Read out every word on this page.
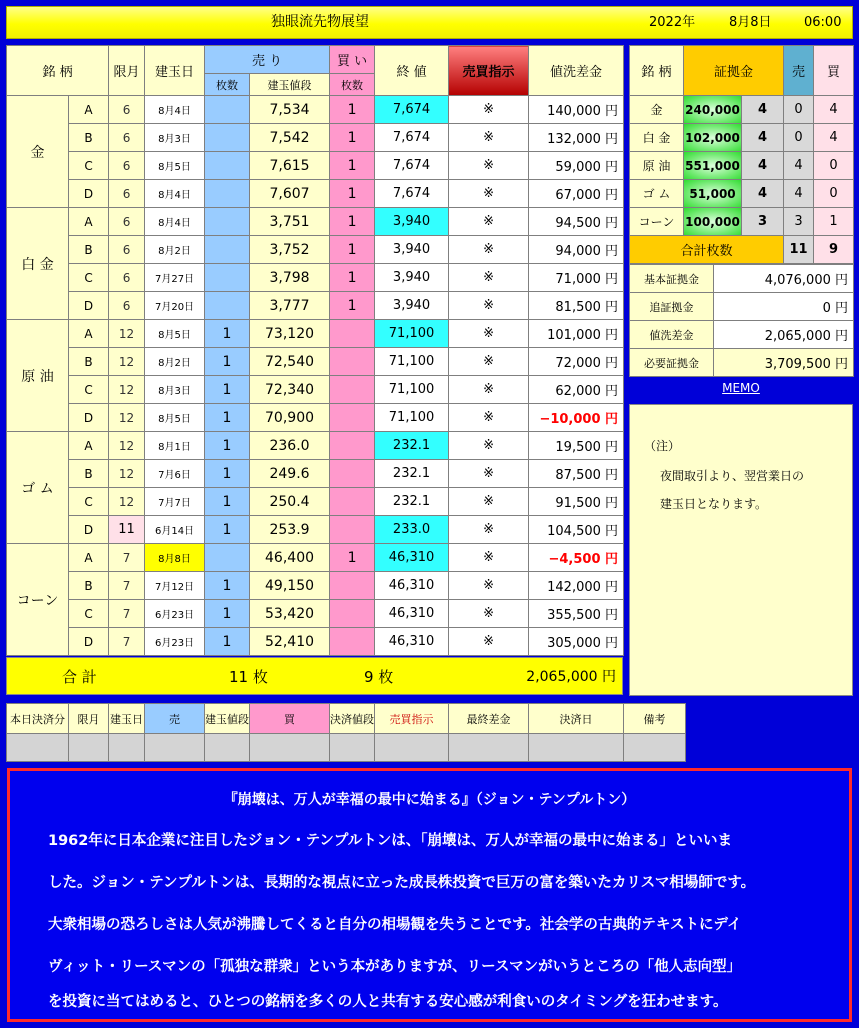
独眼流先物展望	2022年	8月8日 06:00
銘 柄		限月	建玉日	売 り		買 い	終 値	売買指示	値洗差金
				枚数	建玉値段	枚数			
金	A	6	8月4日		7,534	1	7,674	※	140,000 円
	B	6	8月3日		7,542	1	7,674	※	132,000 円
	C	6	8月5日		7,615	1	7,674	※	59,000 円
	D	6	8月4日		7,607	1	7,674	※	67,000 円
白 金	A	6	8月4日		3,751	1	3,940	※	94,500 円
	B	6	8月2日		3,752	1	3,940	※	94,000 円
	C	6	7月27日		3,798	1	3,940	※	71,000 円
	D	6	7月20日		3,777	1	3,940	※	81,500 円
原 油	A	12	8月5日	1	73,120		71,100	※	101,000 円
	B	12	8月2日	1	72,540		71,100	※	72,000 円
	C	12	8月3日	1	72,340		71,100	※	62,000 円
	D	12	8月5日	1	70,900		71,100	※	−10,000 円
ゴ ム	A	12	8月1日	1	236.0		232.1	※	19,500 円
	B	12	7月6日	1	249.6		232.1	※	87,500 円
	C	12	7月7日	1	250.4		232.1	※	91,500 円
	D	11	6月14日	1	253.9		233.0	※	104,500 円
コーン	A	7	8月8日		46,400	1	46,310	※	−4,500 円
	B	7	7月12日	1	49,150		46,310	※	142,000 円
	C	7	6月23日	1	53,420		46,310	※	355,500 円
	D	7	6月23日	1	52,410		46,310	※	305,000 円
合 計	11 枚	9 枚	2,065,000 円
銘 柄	証拠金		売	買
金	240,000	4	0	4
白 金	102,000	4	0	4
原 油	551,000	4	4	0
ゴ ム	51,000	4	4	0
コーン	100,000	3	3	1
合計枚数			11	9
基本証拠金	4,076,000 円
追証拠金	0 円
値洗差金	2,065,000 円
必要証拠金	3,709,500 円
MEMO
（注）
夜間取引より、翌営業日の
建玉日となります。
本日決済分	限月	建玉日	売	建玉値段	買	決済値段	売買指示	最終差金	決済日	備考

『崩壊は、万人が幸福の最中に始まる』（ジョン・テンプルトン）
1962年に日本企業に注目したジョン・テンプルトンは、「崩壊は、万人が幸福の最中に始まる」といいま
した。ジョン・テンプルトンは、長期的な視点に立った成長株投資で巨万の富を築いたカリスマ相場師です。
大衆相場の恐ろしさは人気が沸騰してくると自分の相場観を失うことです。社会学の古典的テキストにデイ
ヴィット・リースマンの「孤独な群衆」という本がありますが、リースマンがいうところの「他人志向型」
を投資に当てはめると、ひとつの銘柄を多くの人と共有する安心感が利食いのタイミングを狂わせます。
